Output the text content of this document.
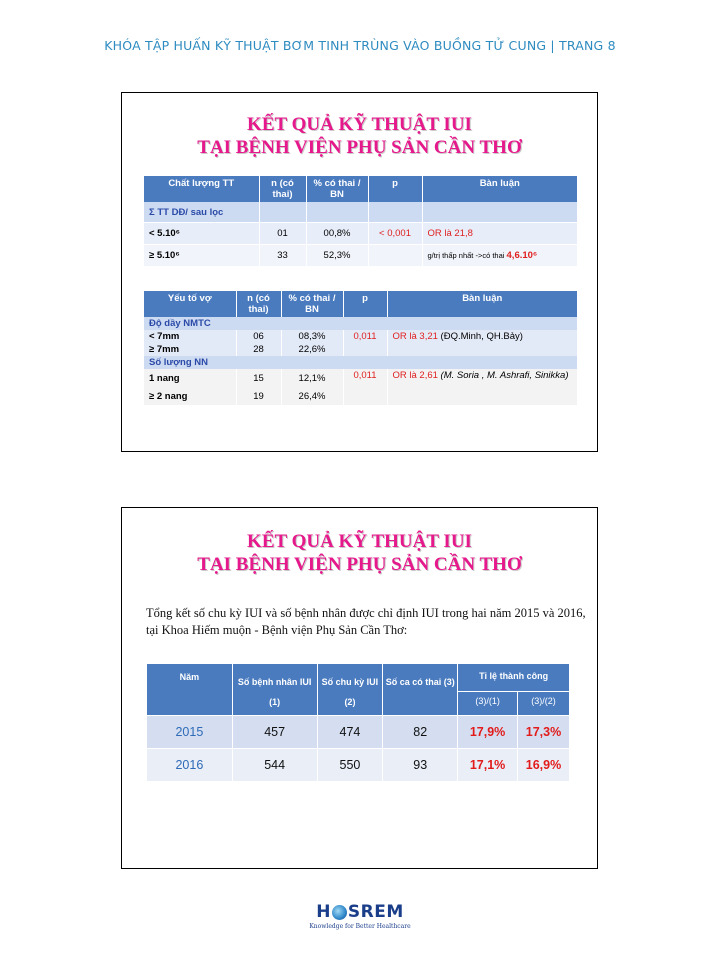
KHÓA TẬP HUẤN KỸ THUẬT BƠM TINH TRÙNG VÀO BUỒNG TỬ CUNG | TRANG 8
KẾT QUẢ KỸ THUẬT IUI
TẠI BỆNH VIỆN PHỤ SẢN CẦN THƠ
Chất lượng TT	n (có thai)	% có thai / BN	p	Bàn luận
Σ TT DĐ/ sau lọc				
< 5.10⁶	01	00,8%	< 0,001	OR là 21,8
≥ 5.10⁶	33	52,3%		g/trị thấp nhất ->có thai 4,6.10⁶
Yếu tố vợ	n (có thai)	% có thai / BN	p	Bàn luận
Độ dầy NMTC				
< 7mm	06	08,3%	0,011	OR là 3,21 (ĐQ.Minh, QH.Bảy)
≥ 7mm	28	22,6%		
Số lượng NN				
1 nang	15	12,1%	0,011	OR là 2,61 (M. Soria , M. Ashrafi, Sinikka)
≥ 2 nang	19	26,4%		
KẾT QUẢ KỸ THUẬT IUI
TẠI BỆNH VIỆN PHỤ SẢN CẦN THƠ
Tổng kết số chu kỳ IUI và số bệnh nhân được chỉ định IUI trong hai năm 2015 và 2016, tại Khoa Hiếm muộn - Bệnh viện Phụ Sản Cần Thơ:
Năm	Số bệnh nhân IUI (1)	Số chu kỳ IUI (2)	Số ca có thai (3)	Tỉ lệ thành công	
				(3)/(1)	(3)/(2)
2015	457	474	82	17,9%	17,3%
2016	544	550	93	17,1%	16,9%
H SREM
Knowledge for Better Healthcare
